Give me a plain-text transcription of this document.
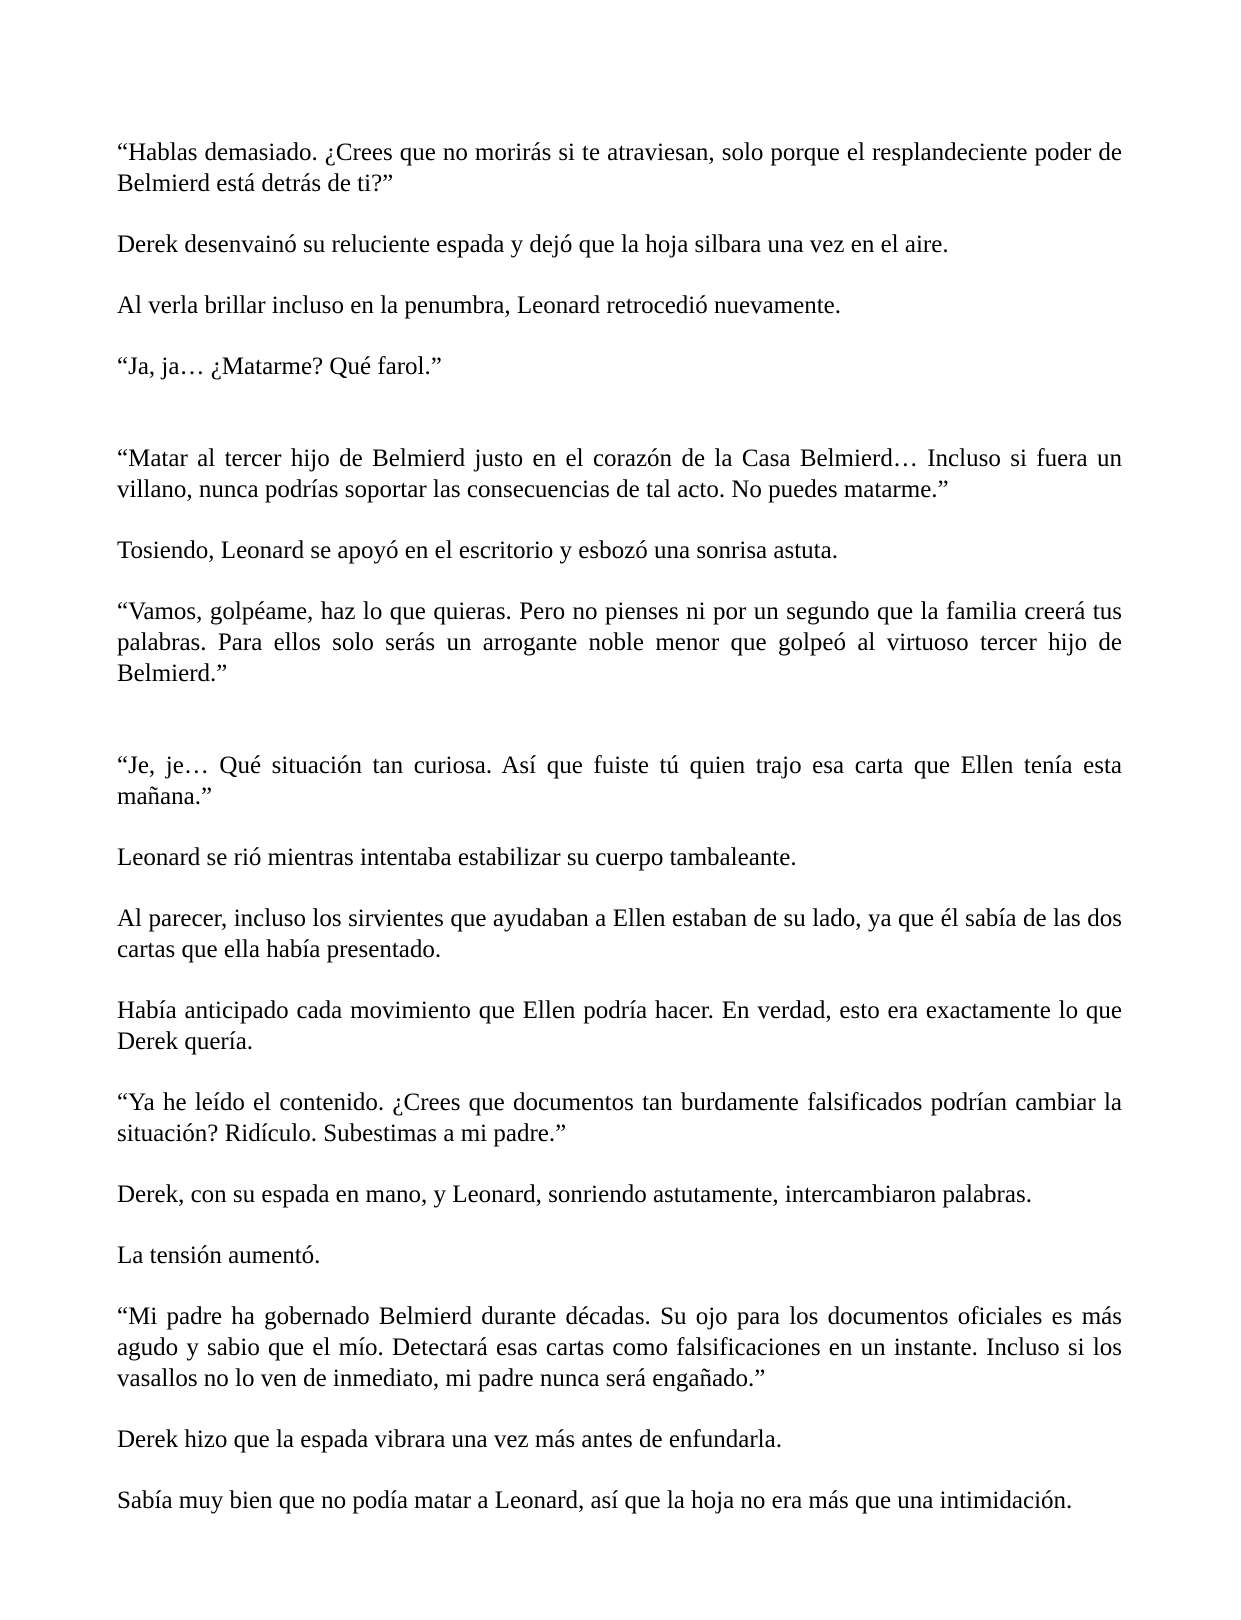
“Hablas demasiado. ¿Crees que no morirás si te atraviesan, solo porque el resplandeciente poder de Belmierd está detrás de ti?”

Derek desenvainó su reluciente espada y dejó que la hoja silbara una vez en el aire.

Al verla brillar incluso en la penumbra, Leonard retrocedió nuevamente.

“Ja, ja… ¿Matarme? Qué farol.”

“Matar al tercer hijo de Belmierd justo en el corazón de la Casa Belmierd… Incluso si fuera un villano, nunca podrías soportar las consecuencias de tal acto. No puedes matarme.”

Tosiendo, Leonard se apoyó en el escritorio y esbozó una sonrisa astuta.

“Vamos, golpéame, haz lo que quieras. Pero no pienses ni por un segundo que la familia creerá tus palabras. Para ellos solo serás un arrogante noble menor que golpeó al virtuoso tercer hijo de Belmierd.”

“Je, je… Qué situación tan curiosa. Así que fuiste tú quien trajo esa carta que Ellen tenía esta mañana.”

Leonard se rió mientras intentaba estabilizar su cuerpo tambaleante.

Al parecer, incluso los sirvientes que ayudaban a Ellen estaban de su lado, ya que él sabía de las dos cartas que ella había presentado.

Había anticipado cada movimiento que Ellen podría hacer. En verdad, esto era exactamente lo que Derek quería.

“Ya he leído el contenido. ¿Crees que documentos tan burdamente falsificados podrían cambiar la situación? Ridículo. Subestimas a mi padre.”

Derek, con su espada en mano, y Leonard, sonriendo astutamente, intercambiaron palabras.

La tensión aumentó.

“Mi padre ha gobernado Belmierd durante décadas. Su ojo para los documentos oficiales es más agudo y sabio que el mío. Detectará esas cartas como falsificaciones en un instante. Incluso si los vasallos no lo ven de inmediato, mi padre nunca será engañado.”

Derek hizo que la espada vibrara una vez más antes de enfundarla.

Sabía muy bien que no podía matar a Leonard, así que la hoja no era más que una intimidación.
